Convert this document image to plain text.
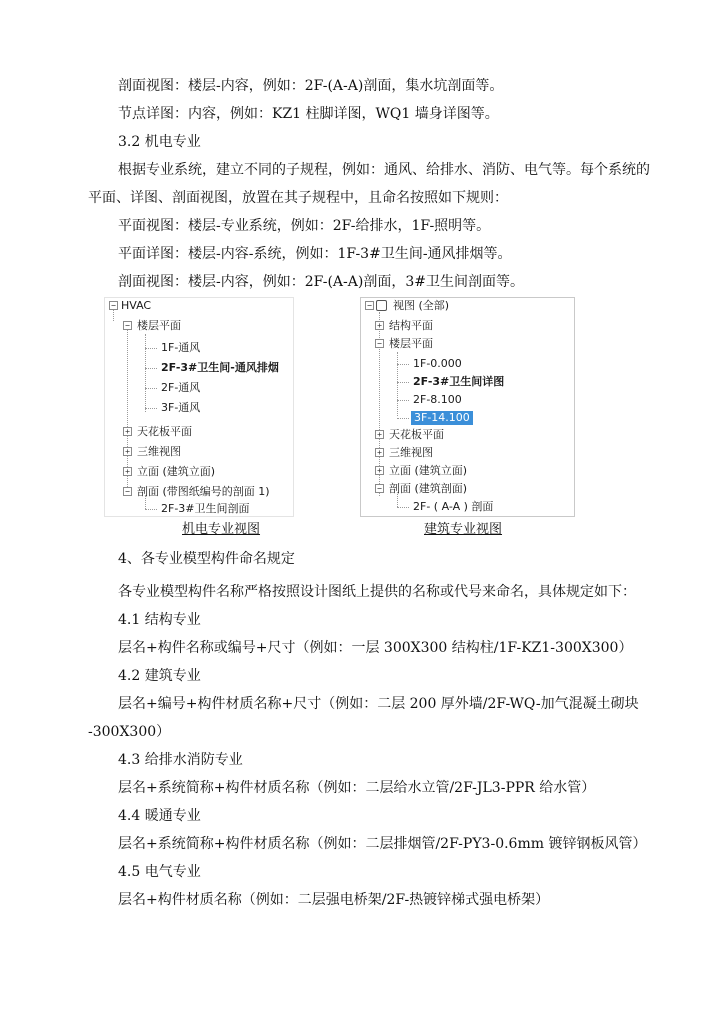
剖面视图：楼层-内容，例如：2F-(A-A)剖面，集水坑剖面等。
节点详图：内容，例如：KZ1 柱脚详图，WQ1 墙身详图等。
3.2 机电专业
根据专业系统，建立不同的子规程，例如：通风、给排水、消防、电气等。每个系统的
平面、详图、剖面视图，放置在其子规程中，且命名按照如下规则：
平面视图：楼层-专业系统，例如：2F-给排水，1F-照明等。
平面详图：楼层-内容-系统，例如：1F-3#卫生间-通风排烟等。
剖面视图：楼层-内容，例如：2F-(A-A)剖面，3#卫生间剖面等。
− HVAC
− 楼层平面
1F-通风
2F-3#卫生间-通风排烟
2F-通风
3F-通风
+ 天花板平面
+ 三维视图
+ 立面 (建筑立面)
− 剖面 (带图纸编号的剖面 1)
2F-3#卫生间剖面
− 视图 (全部)
+ 结构平面
− 楼层平面
1F-0.000
2F-3#卫生间详图
2F-8.100
3F-14.100
+ 天花板平面
+ 三维视图
+ 立面 (建筑立面)
− 剖面 (建筑剖面)
2F- ( A-A ) 剖面
机电专业视图	建筑专业视图
4、各专业模型构件命名规定
各专业模型构件名称严格按照设计图纸上提供的名称或代号来命名，具体规定如下：
4.1 结构专业
层名+构件名称或编号+尺寸（例如：一层 300X300 结构柱/1F-KZ1-300X300）
4.2 建筑专业
层名+编号+构件材质名称+尺寸（例如：二层 200 厚外墙/2F-WQ-加气混凝土砌块
-300X300）
4.3 给排水消防专业
层名+系统简称+构件材质名称（例如：二层给水立管/2F-JL3-PPR 给水管）
4.4 暖通专业
层名+系统简称+构件材质名称（例如：二层排烟管/2F-PY3-0.6mm 镀锌钢板风管）
4.5 电气专业
层名+构件材质名称（例如：二层强电桥架/2F-热镀锌梯式强电桥架）
